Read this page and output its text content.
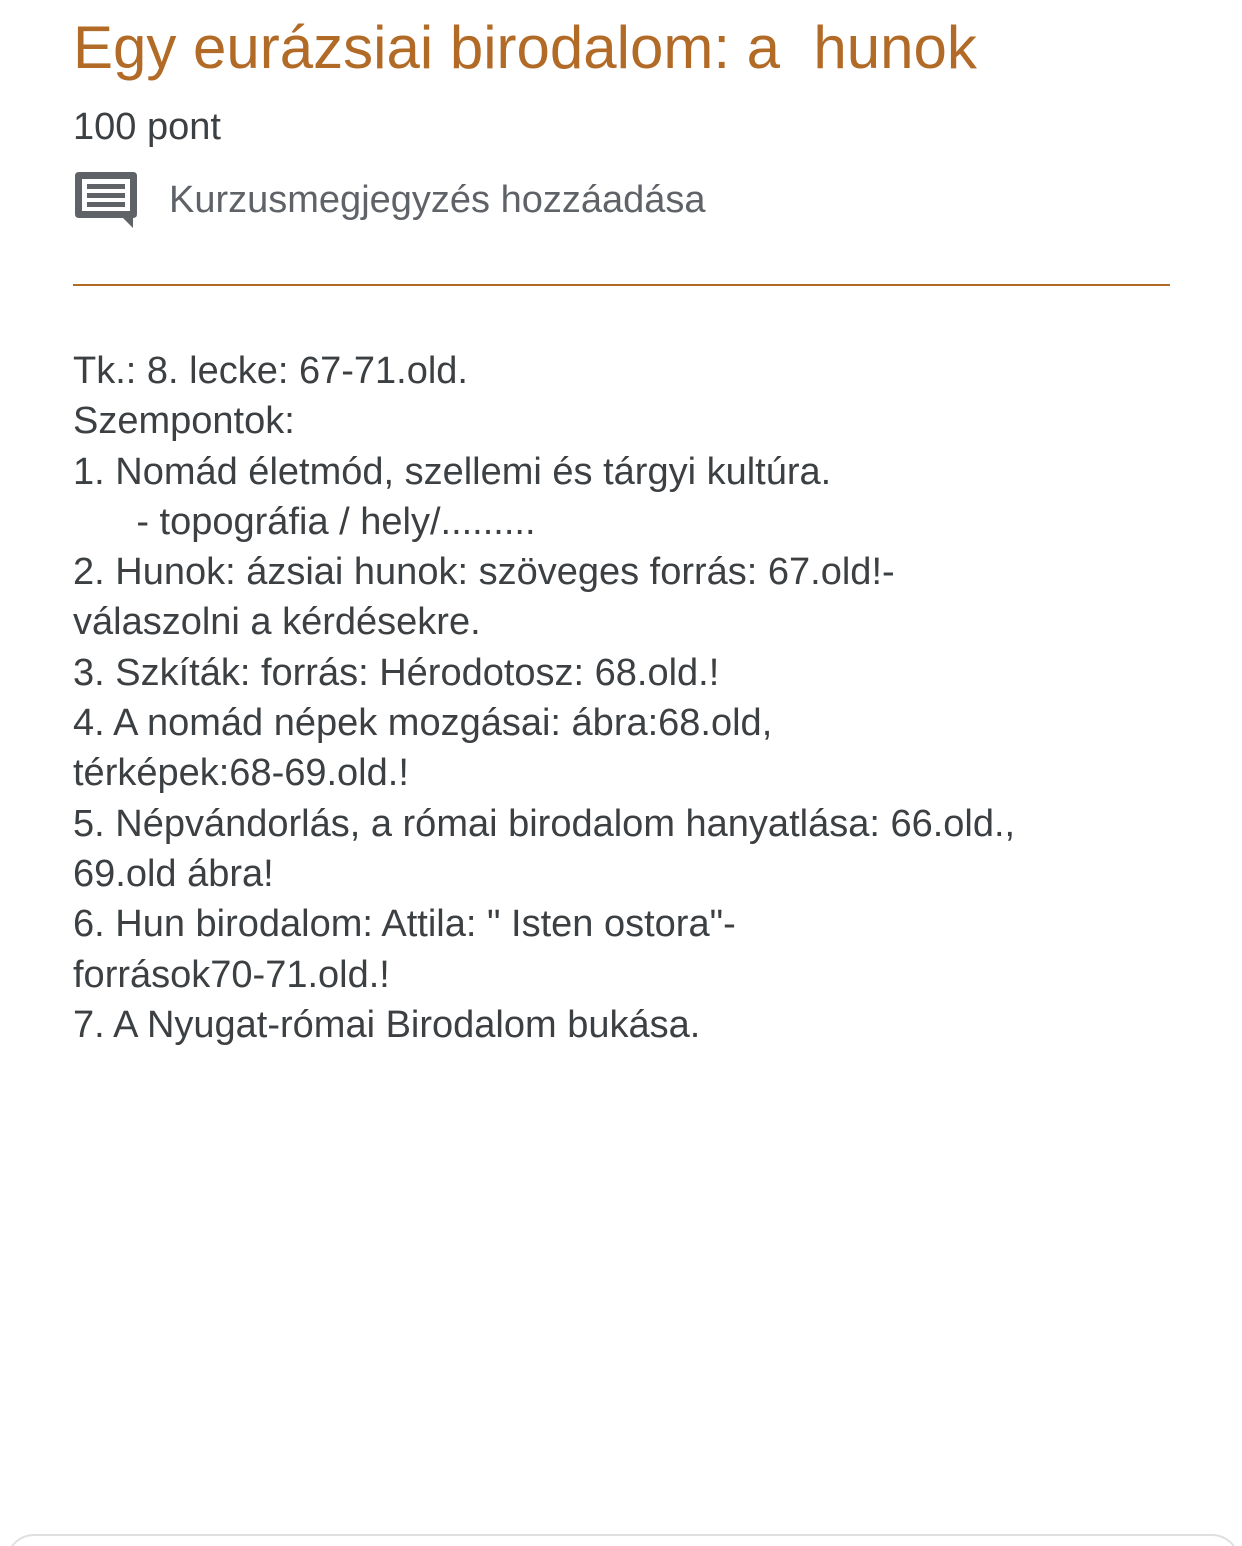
Egy eurázsiai birodalom: a  hunok
100 pont
Kurzusmegjegyzés hozzáadása
Tk.: 8. lecke: 67-71.old.
Szempontok:
1. Nomád életmód, szellemi és tárgyi kultúra.
- topográfia / hely/.........
2. Hunok: ázsiai hunok: szöveges forrás: 67.old!-
válaszolni a kérdésekre.
3. Szkíták: forrás: Hérodotosz: 68.old.!
4. A nomád népek mozgásai: ábra:68.old,
térképek:68-69.old.!
5. Népvándorlás, a római birodalom hanyatlása: 66.old.,
69.old ábra!
6. Hun birodalom: Attila: " Isten ostora"-
források70-71.old.!
7. A Nyugat-római Birodalom bukása.
